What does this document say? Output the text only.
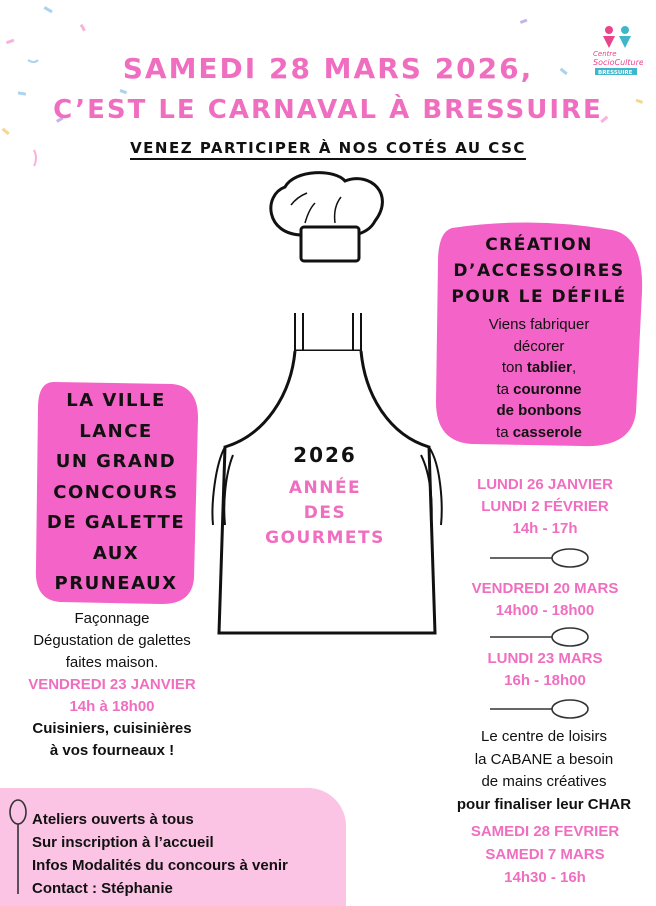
Centre
SocioCulturel
BRESSUIRE
SAMEDI 28 MARS 2026,
C’EST LE CARNAVAL À BRESSUIRE
VENEZ PARTICIPER À NOS COTÉS AU CSC
2026
ANNÉE
DES
GOURMETS
CRÉATION
D’ACCESSOIRES
POUR LE DÉFILÉ
Viens fabriquer
décorer
ton tablier,
ta couronne
de bonbons
ta casserole
LA VILLE
LANCE
UN GRAND
CONCOURS
DE GALETTE
AUX
PRUNEAUX
Façonnage
Dégustation de galettes
faites maison.
VENDREDI 23 JANVIER
14h à 18h00
Cuisiniers, cuisinières
à vos fourneaux !
LUNDI 26 JANVIER
LUNDI 2 FÉVRIER
14h - 17h
VENDREDI 20 MARS
14h00 - 18h00
LUNDI 23 MARS
16h - 18h00
Le centre de loisirs
la CABANE a besoin
de mains créatives
pour finaliser leur CHAR
SAMEDI 28 FEVRIER
SAMEDI 7 MARS
14h30 - 16h
Ateliers ouverts à tous
Sur inscription à l’accueil
Infos Modalités du concours à venir
Contact : Stéphanie
